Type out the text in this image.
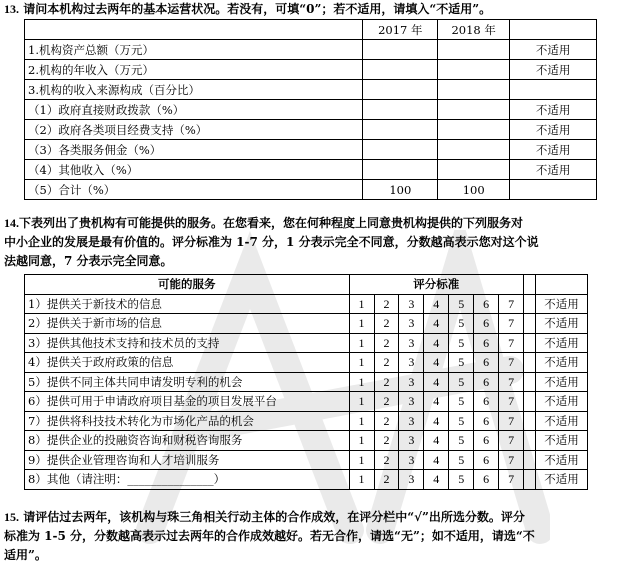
13. 请问本机构过去两年的基本运营状况。若没有，可填“0”；若不适用，请填入“不适用”。
	2017 年	2018 年	
1.机构资产总额（万元）			不适用
2.机构的年收入（万元）			不适用
3.机构的收入来源构成（百分比）			
（1）政府直接财政拨款（%）			不适用
（2）政府各类项目经费支持（%）			不适用
（3）各类服务佣金（%）			不适用
（4）其他收入（%）			不适用
（5）合计（%）	100	100	
14.下表列出了贵机构有可能提供的服务。在您看来，您在何种程度上同意贵机构提供的下列服务对
中小企业的发展是最有价值的。评分标准为 1-7 分，1 分表示完全不同意，分数越高表示您对这个说
法越同意，7 分表示完全同意。
可能的服务	评分标准								
1）提供关于新技术的信息	1	2	3	4	5	6	7		不适用
2）提供关于新市场的信息	1	2	3	4	5	6	7		不适用
3）提供其他技术支持和技术员的支持	1	2	3	4	5	6	7		不适用
4）提供关于政府政策的信息	1	2	3	4	5	6	7		不适用
5）提供不同主体共同申请发明专利的机会	1	2	3	4	5	6	7		不适用
6）提供可用于申请政府项目基金的项目发展平台	1	2	3	4	5	6	7		不适用
7）提供将科技技术转化为市场化产品的机会	1	2	3	4	5	6	7		不适用
8）提供企业的投融资咨询和财税咨询服务	1	2	3	4	5	6	7		不适用
9）提供企业管理咨询和人才培训服务	1	2	3	4	5	6	7		不适用
8）其他（请注明：_______________）	1	2	3	4	5	6	7		不适用
15. 请评估过去两年，该机构与珠三角相关行动主体的合作成效，在评分栏中“√”出所选分数。评分
标准为 1-5 分，分数越高表示过去两年的合作成效越好。若无合作，请选“无”；如不适用，请选“不
适用”。
